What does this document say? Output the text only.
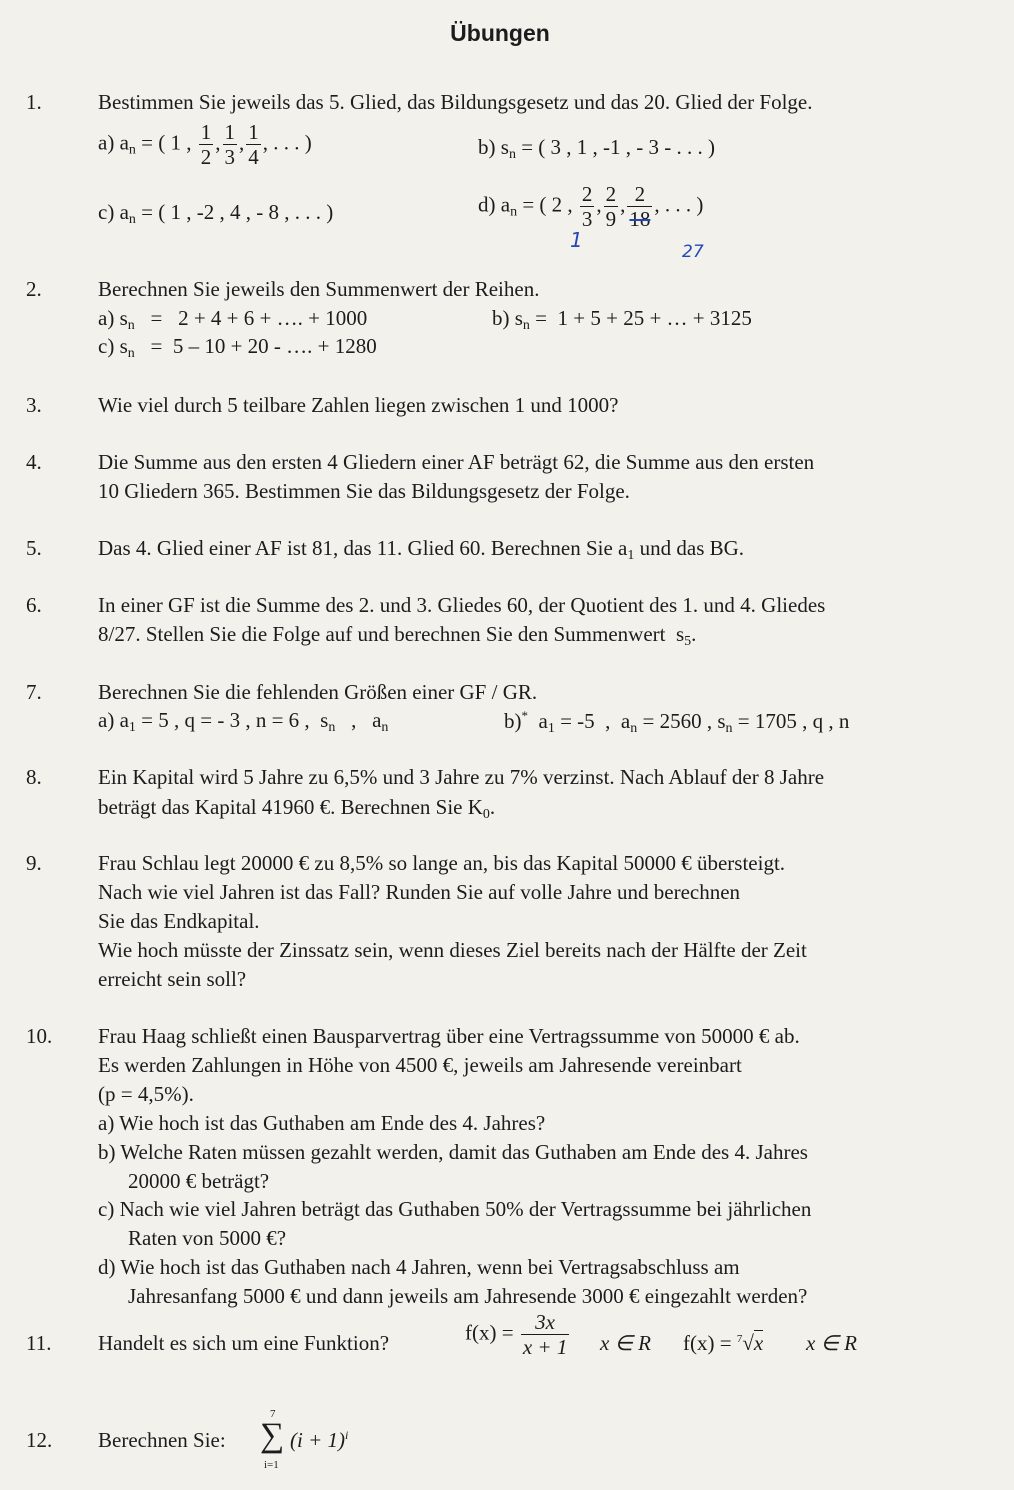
Übungen
1.	Bestimmen Sie jeweils das 5. Glied, das Bildungsgesetz und das 20. Glied der Folge.
a) $a_n$ = ( 1 , $\frac{1}{2}$ , $\frac{1}{3}$ , $\frac{1}{4}$ , . . . )	b) $s_n$ = ( 3 , 1 , -1 , - 3 - . . . )
c) $a_n$ = ( 1 , -2 , 4 , - 8 , . . . )	d) $a_n$ = ( 2 , $\frac{2}{3}$ , $\frac{2}{9}$ , $\frac{2}{18}$ , . . . )
1	27
2.	Berechnen Sie jeweils den Summenwert der Reihen.
a) $s_n = 2 + 4 + 6$ + …. + 1000	b) $s_n = 1 + 5 + 25$ + … + 3125
c) $s_n = 5 - 10 + 20$ - …. + 1280
3.	Wie viel durch 5 teilbare Zahlen liegen zwischen 1 und 1000?
4.	Die Summe aus den ersten 4 Gliedern einer AF beträgt 62, die Summe aus den ersten
10 Gliedern 365. Bestimmen Sie das Bildungsgesetz der Folge.
5.	Das 4. Glied einer AF ist 81, das 11. Glied 60. Berechnen Sie $a_1$ und das BG.
6.	In einer GF ist die Summe des 2. und 3. Gliedes 60, der Quotient des 1. und 4. Gliedes
8/27. Stellen Sie die Folge auf und berechnen Sie den Summenwert  $s_5$.
7.	Berechnen Sie die fehlenden Größen einer GF / GR.
a) $a_1 = 5$ , q = - 3 , n = 6 ,  $s_n$   ,   $a_n$	b)* $a_1 = -5$  ,  $a_n = 2560$ , $s_n = 1705$ , q , n
8.	Ein Kapital wird 5 Jahre zu 6,5% und 3 Jahre zu 7% verzinst. Nach Ablauf der 8 Jahre
beträgt das Kapital 41960 €. Berechnen Sie $K_0$.
9.	Frau Schlau legt 20000 € zu 8,5% so lange an, bis das Kapital 50000 € übersteigt.
Nach wie viel Jahren ist das Fall? Runden Sie auf volle Jahre und berechnen
Sie das Endkapital.
Wie hoch müsste der Zinssatz sein, wenn dieses Ziel bereits nach der Hälfte der Zeit
erreicht sein soll?
10. Frau Haag schließt einen Bausparvertrag über eine Vertragssumme von 50000 € ab.
Es werden Zahlungen in Höhe von 4500 €, jeweils am Jahresende vereinbart
(p = 4,5%).
a) Wie hoch ist das Guthaben am Ende des 4. Jahres?
b) Welche Raten müssen gezahlt werden, damit das Guthaben am Ende des 4. Jahres
20000 € beträgt?
c) Nach wie viel Jahren beträgt das Guthaben 50% der Vertragssumme bei jährlichen
Raten von 5000 €?
d) Wie hoch ist das Guthaben nach 4 Jahren, wenn bei Vertragsabschluss am
Jahresanfang 5000 € und dann jeweils am Jahresende 3000 € eingezahlt werden?
11. Handelt es sich um eine Funktion?	$f(x) = \frac{3x}{x + 1}$ x ∈ R f(x) = $^7$√x x ∈ R
12. Berechnen Sie:
7
∑
i=1
$(i + 1)^i$
